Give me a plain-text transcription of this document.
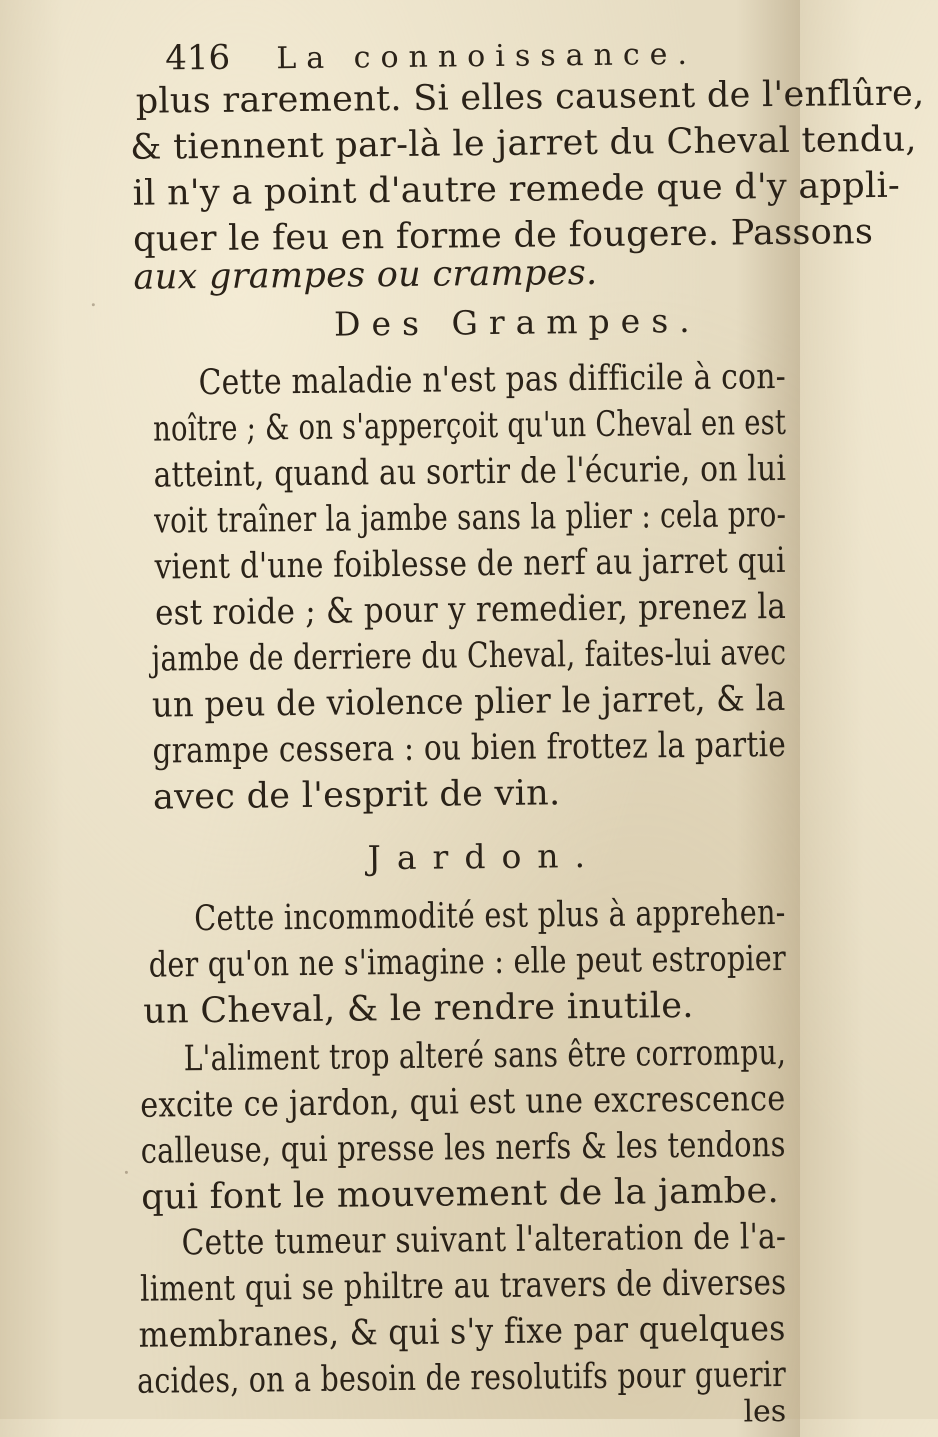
416 La connoissance.
plus rarement. Si elles causent de l'enflûre,
& tiennent par-là le jarret du Cheval tendu,
il n'y a point d'autre remede que d'y appli-
quer le feu en forme de fougere. Passons
aux grampes ou crampes.
Des Grampes.
Cette maladie n'est pas difficile à con-
noître ; & on s'apperçoit qu'un Cheval en est
atteint, quand au sortir de l'écurie, on lui
voit traîner la jambe sans la plier : cela pro-
vient d'une foiblesse de nerf au jarret qui
est roide ; & pour y remedier, prenez la
jambe de derriere du Cheval, faites-lui avec
un peu de violence plier le jarret, & la
grampe cessera : ou bien frottez la partie
avec de l'esprit de vin.
Jardon.
Cette incommodité est plus à apprehen-
der qu'on ne s'imagine : elle peut estropier
un Cheval, & le rendre inutile.
L'aliment trop alteré sans être corrompu,
excite ce jardon, qui est une excrescence
calleuse, qui presse les nerfs & les tendons
qui font le mouvement de la jambe.
Cette tumeur suivant l'alteration de l'a-
liment qui se philtre au travers de diverses
membranes, & qui s'y fixe par quelques
acides, on a besoin de resolutifs pour guerir
les
